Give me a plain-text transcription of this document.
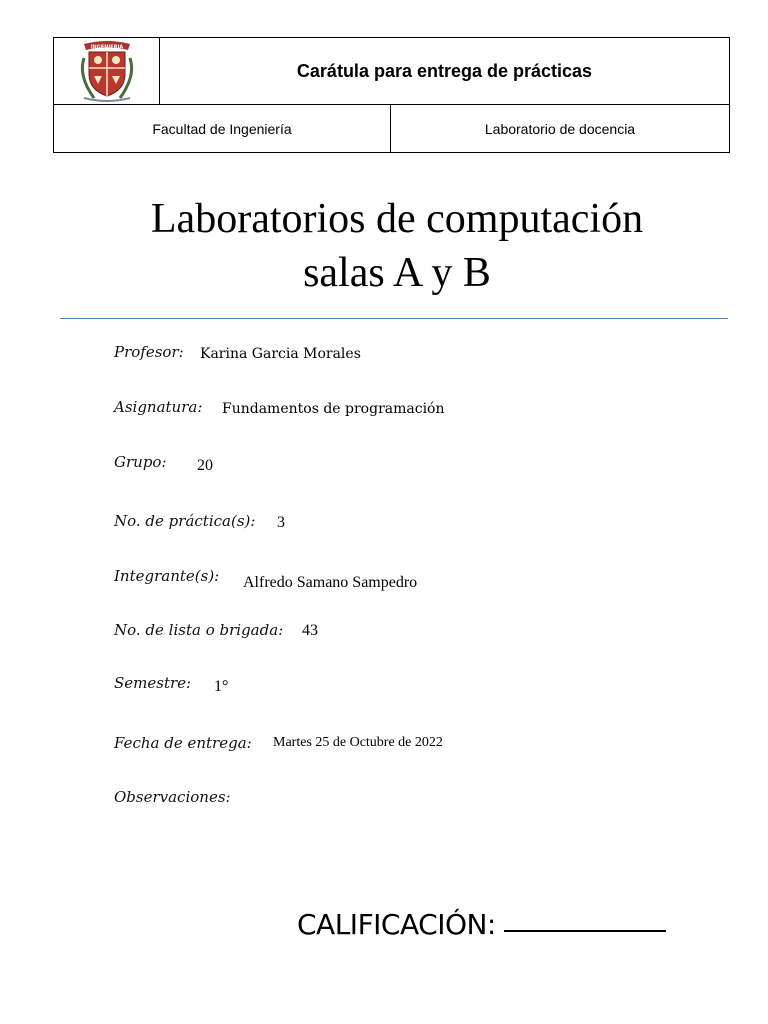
INGENIERIA
Carátula para entrega de prácticas
Facultad de Ingeniería	Laboratorio de docencia
Laboratorios de computación
salas A y B
Profesor: Karina Garcia Morales
Asignatura: Fundamentos de programación
Grupo: 20
No. de práctica(s): 3
Integrante(s): Alfredo Samano Sampedro
No. de lista o brigada: 43
Semestre: 1°
Fecha de entrega: Martes 25 de Octubre de 2022
Observaciones:
CALIFICACIÓN:
